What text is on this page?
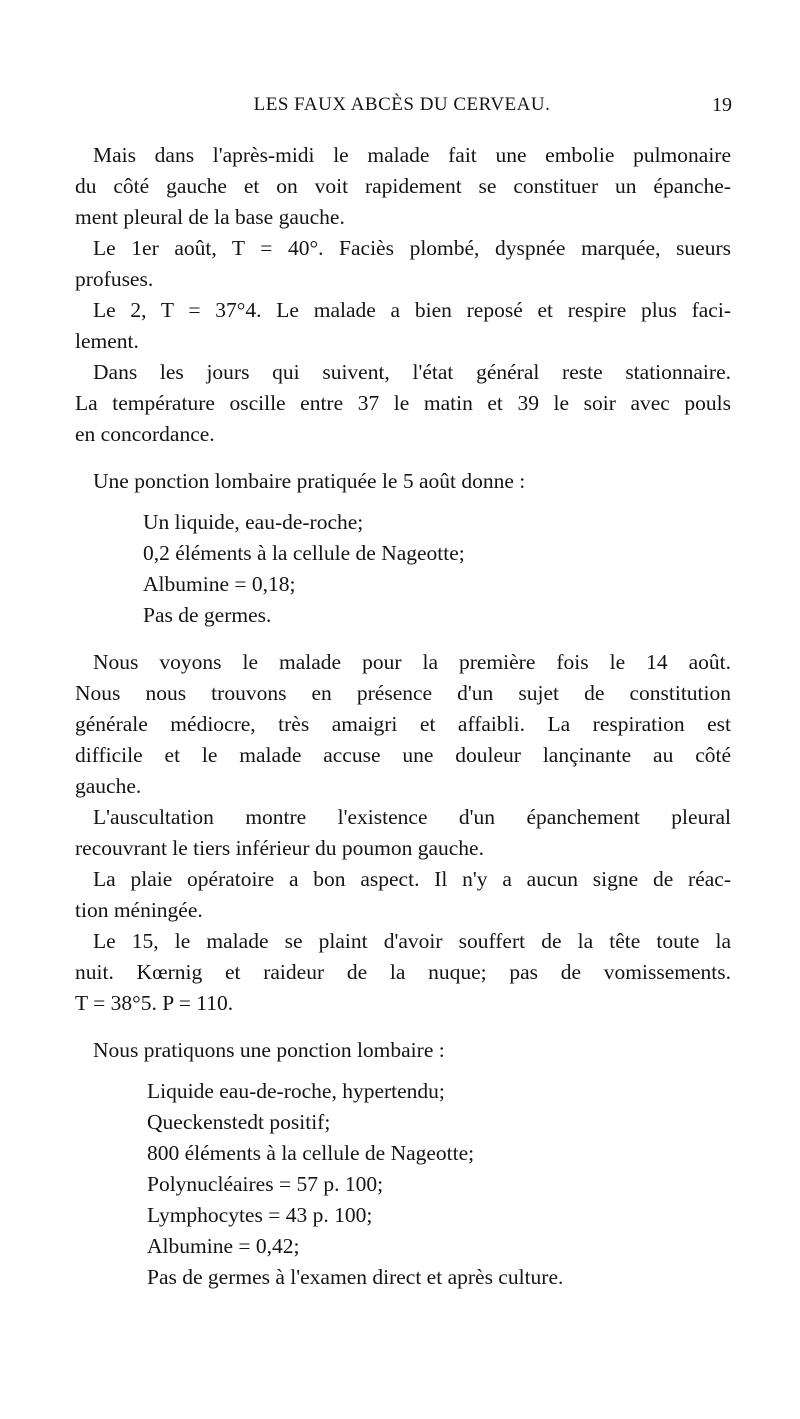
LES FAUX ABCÈS DU CERVEAU.	19
Mais dans l'après-midi le malade fait une embolie pulmonaire
du côté gauche et on voit rapidement se constituer un épanche-
ment pleural de la base gauche.
Le 1er août, T = 40°. Faciès plombé, dyspnée marquée, sueurs
profuses.
Le 2, T = 37°4. Le malade a bien reposé et respire plus faci-
lement.
Dans les jours qui suivent, l'état général reste stationnaire.
La température oscille entre 37 le matin et 39 le soir avec pouls
en concordance.
Une ponction lombaire pratiquée le 5 août donne :
Un liquide, eau-de-roche;
0,2 éléments à la cellule de Nageotte;
Albumine = 0,18;
Pas de germes.
Nous voyons le malade pour la première fois le 14 août.
Nous nous trouvons en présence d'un sujet de constitution
générale médiocre, très amaigri et affaibli. La respiration est
difficile et le malade accuse une douleur lançinante au côté
gauche.
L'auscultation montre l'existence d'un épanchement pleural
recouvrant le tiers inférieur du poumon gauche.
La plaie opératoire a bon aspect. Il n'y a aucun signe de réac-
tion méningée.
Le 15, le malade se plaint d'avoir souffert de la tête toute la
nuit. Kœrnig et raideur de la nuque; pas de vomissements.
T = 38°5. P = 110.
Nous pratiquons une ponction lombaire :
Liquide eau-de-roche, hypertendu;
Queckenstedt positif;
800 éléments à la cellule de Nageotte;
Polynucléaires = 57 p. 100;
Lymphocytes = 43 p. 100;
Albumine = 0,42;
Pas de germes à l'examen direct et après culture.
